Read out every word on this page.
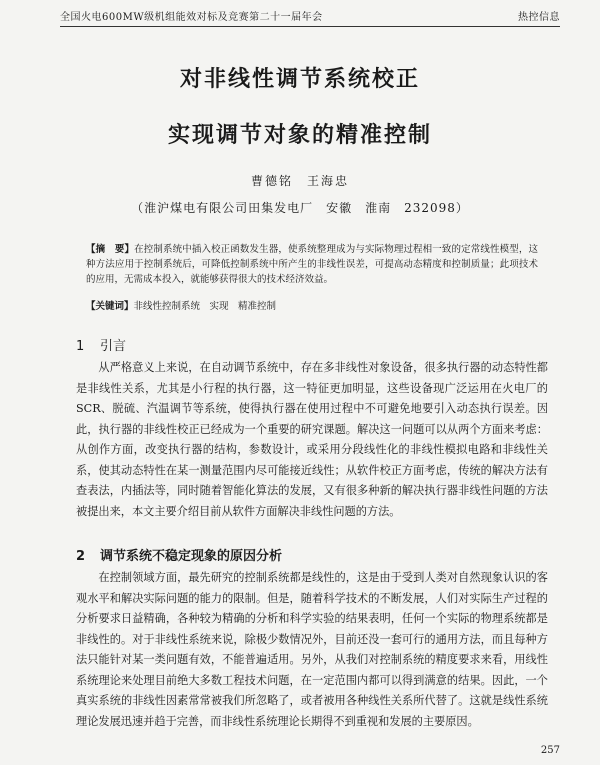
全国火电600MW级机组能效对标及竞赛第二十一届年会	热控信息
对非线性调节系统校正
实现调节对象的精准控制
曹德铭　王海忠
（淮沪煤电有限公司田集发电厂　安徽　淮南　232098）
【摘　要】在控制系统中插入校正函数发生器，使系统整理成为与实际物理过程相一致的定常线性模型，这种方法应用于控制系统后，可降低控制系统中所产生的非线性误差，可提高动态精度和控制质量；此项技术的应用，无需成本投入，就能够获得很大的技术经济效益。
【关键词】非线性控制系统　实现　精准控制
1 引言
从严格意义上来说，在自动调节系统中，存在多非线性对象设备，很多执行器的动态特性都是非线性关系，尤其是小行程的执行器，这一特征更加明显，这些设备现广泛运用在火电厂的SCR、脱硫、汽温调节等系统，使得执行器在使用过程中不可避免地要引入动态执行误差。因此，执行器的非线性校正已经成为一个重要的研究课题。解决这一问题可以从两个方面来考虑：从创作方面，改变执行器的结构，参数设计，或采用分段线性化的非线性模拟电路和非线性关系，使其动态特性在某一测量范围内尽可能接近线性；从软件校正方面考虑，传统的解决方法有查表法，内插法等，同时随着智能化算法的发展，又有很多种新的解决执行器非线性问题的方法被提出来，本文主要介绍目前从软件方面解决非线性问题的方法。
2 调节系统不稳定现象的原因分析
在控制领域方面，最先研究的控制系统都是线性的，这是由于受到人类对自然现象认识的客观水平和解决实际问题的能力的限制。但是，随着科学技术的不断发展，人们对实际生产过程的分析要求日益精确，各种较为精确的分析和科学实验的结果表明，任何一个实际的物理系统都是非线性的。对于非线性系统来说，除极少数情况外，目前还没一套可行的通用方法，而且每种方法只能针对某一类问题有效，不能普遍适用。另外，从我们对控制系统的精度要求来看，用线性系统理论来处理目前绝大多数工程技术问题，在一定范围内都可以得到满意的结果。因此，一个真实系统的非线性因素常常被我们所忽略了，或者被用各种线性关系所代替了。这就是线性系统理论发展迅速并趋于完善，而非线性系统理论长期得不到重视和发展的主要原因。
257
